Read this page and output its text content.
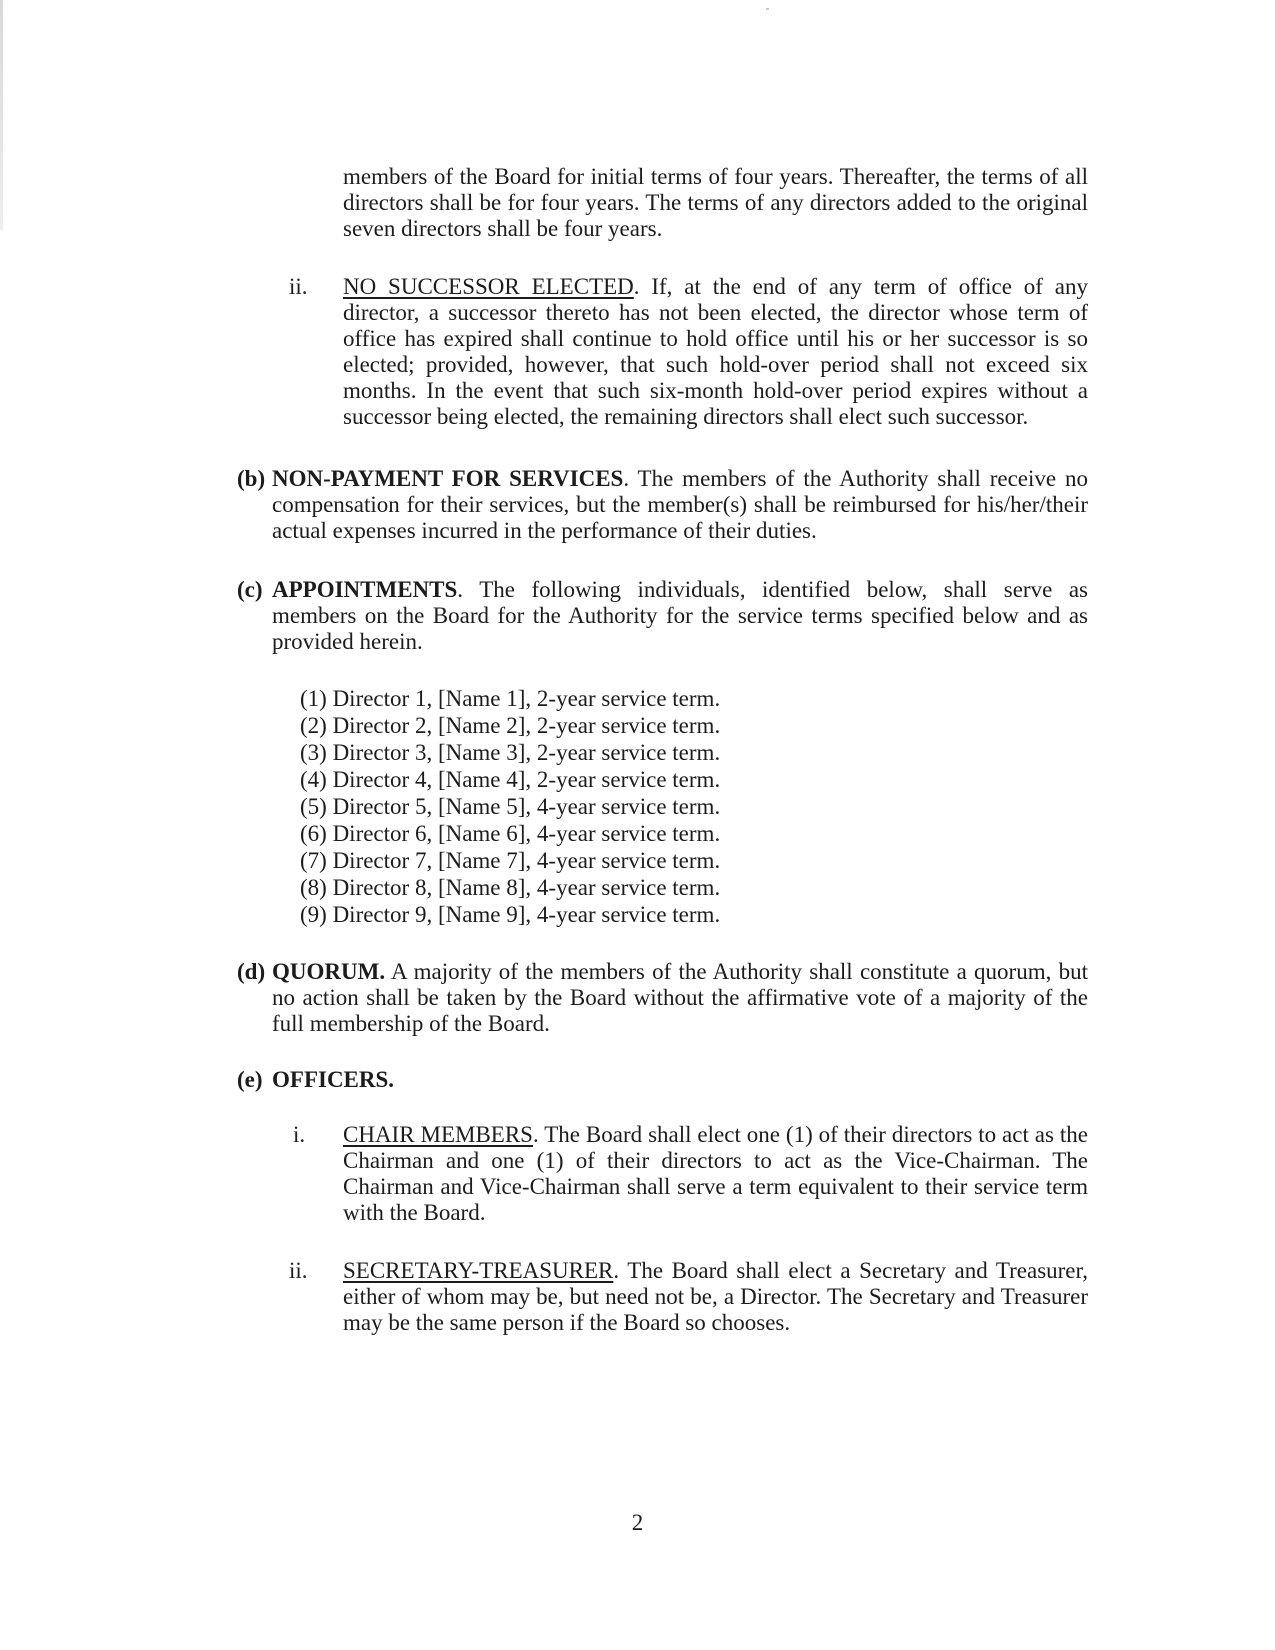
members of the Board for initial terms of four years. Thereafter, the terms of all directors shall be for four years. The terms of any directors added to the original seven directors shall be four years.
ii.	NO SUCCESSOR ELECTED. If, at the end of any term of office of any director, a successor thereto has not been elected, the director whose term of office has expired shall continue to hold office until his or her successor is so elected; provided, however, that such hold-over period shall not exceed six months. In the event that such six-month hold-over period expires without a successor being elected, the remaining directors shall elect such successor.
(b) NON-PAYMENT FOR SERVICES. The members of the Authority shall receive no compensation for their services, but the member(s) shall be reimbursed for his/her/their actual expenses incurred in the performance of their duties.
(c) APPOINTMENTS. The following individuals, identified below, shall serve as members on the Board for the Authority for the service terms specified below and as provided herein.
(1) Director 1, [Name 1], 2-year service term.
(2) Director 2, [Name 2], 2-year service term.
(3) Director 3, [Name 3], 2-year service term.
(4) Director 4, [Name 4], 2-year service term.
(5) Director 5, [Name 5], 4-year service term.
(6) Director 6, [Name 6], 4-year service term.
(7) Director 7, [Name 7], 4-year service term.
(8) Director 8, [Name 8], 4-year service term.
(9) Director 9, [Name 9], 4-year service term.
(d) QUORUM. A majority of the members of the Authority shall constitute a quorum, but no action shall be taken by the Board without the affirmative vote of a majority of the full membership of the Board.
(e) OFFICERS.
i.	CHAIR MEMBERS. The Board shall elect one (1) of their directors to act as the Chairman and one (1) of their directors to act as the Vice-Chairman. The Chairman and Vice-Chairman shall serve a term equivalent to their service term with the Board.
ii.	SECRETARY-TREASURER. The Board shall elect a Secretary and Treasurer, either of whom may be, but need not be, a Director. The Secretary and Treasurer may be the same person if the Board so chooses.
2
